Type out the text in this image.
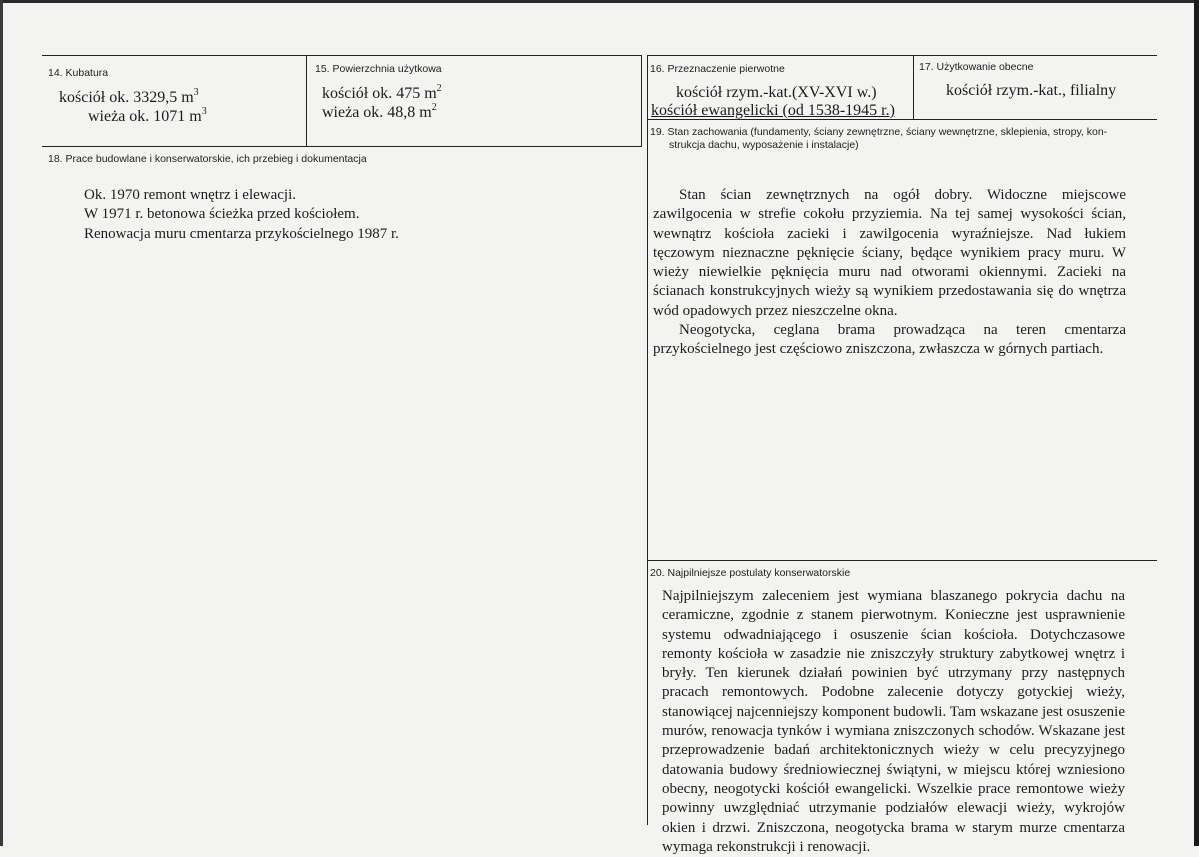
14. Kubatura
kościół ok. 3329,5 $m^3$
wieża ok. 1071 $m^3$
15. Powierzchnia użytkowa
kościół ok. 475 $m^2$
wieża ok. 48,8 $m^2$
16. Przeznaczenie pierwotne
kościół rzym.-kat.(XV-XVI w.)
kościół ewangelicki (od 1538-1945 r.)
17. Użytkowanie obecne
kościół rzym.-kat., filialny
18. Prace budowlane i konserwatorskie, ich przebieg i dokumentacja
Ok. 1970 remont wnętrz i elewacji.
W 1971 r. betonowa ścieżka przed kościołem.
Renowacja muru cmentarza przykościelnego 1987 r.
19. Stan zachowania (fundamenty, ściany zewnętrzne, ściany wewnętrzne, sklepienia, stropy, kon-
strukcja dachu, wyposażenie i instalacje)

Stan ścian zewnętrznych na ogół dobry. Widoczne miejscowe zawilgocenia w strefie cokołu przyziemia. Na tej samej wysokości ścian, wewnątrz kościoła zacieki i zawilgocenia wyraźniejsze. Nad łukiem tęczowym nieznaczne pęknięcie ściany, będące wynikiem pracy muru. W wieży niewielkie pęknięcia muru nad otworami okiennymi. Zacieki na ścianach konstrukcyjnych wieży są wynikiem przedostawania się do wnętrza wód opadowych przez nieszczelne okna.

Neogotycka, ceglana brama prowadząca na teren cmentarza przykościelnego jest częściowo zniszczona, zwłaszcza w górnych partiach.

20. Najpilniejsze postulaty konserwatorskie
Najpilniejszym zaleceniem jest wymiana blaszanego pokrycia dachu na ceramiczne, zgodnie z stanem pierwotnym. Konieczne jest usprawnienie systemu odwadniającego i osuszenie ścian kościoła. Dotychczasowe remonty kościoła w zasadzie nie zniszczyły struktury zabytkowej wnętrz i bryły. Ten kierunek działań powinien być utrzymany przy następnych pracach remontowych. Podobne zalecenie dotyczy gotyckiej wieży, stanowiącej najcenniejszy komponent budowli. Tam wskazane jest osuszenie murów, renowacja tynków i wymiana zniszczonych schodów. Wskazane jest przeprowadzenie badań architektonicznych wieży w celu precyzyjnego datowania budowy średniowiecznej świątyni, w miejscu której wzniesiono obecny, neogotycki kościół ewangelicki. Wszelkie prace remontowe wieży powinny uwzględniać utrzymanie podziałów elewacji wieży, wykrojów okien i drzwi. Zniszczona, neogotycka brama w starym murze cmentarza wymaga rekonstrukcji i renowacji.
